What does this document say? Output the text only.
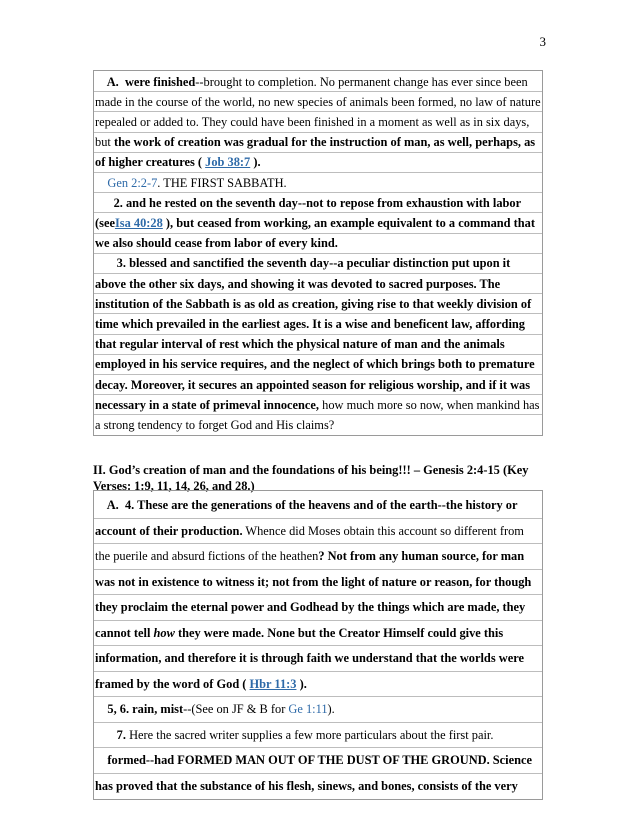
3
A.  were finished--brought to completion. No permanent change has ever since been
made in the course of the world, no new species of animals been formed, no law of nature
repealed or added to. They could have been finished in a moment as well as in six days,
but the work of creation was gradual for the instruction of man, as well, perhaps, as
of higher creatures ( Job 38:7 ).
Gen 2:2-7. THE FIRST SABBATH.
2. and he rested on the seventh day--not to repose from exhaustion with labor
(seeIsa 40:28 ), but ceased from working, an example equivalent to a command that
we also should cease from labor of every kind.
3. blessed and sanctified the seventh day--a peculiar distinction put upon it
above the other six days, and showing it was devoted to sacred purposes. The
institution of the Sabbath is as old as creation, giving rise to that weekly division of
time which prevailed in the earliest ages. It is a wise and beneficent law, affording
that regular interval of rest which the physical nature of man and the animals
employed in his service requires, and the neglect of which brings both to premature
decay. Moreover, it secures an appointed season for religious worship, and if it was
necessary in a state of primeval innocence, how much more so now, when mankind has
a strong tendency to forget God and His claims?
II. God’s creation of man and the foundations of his being!!! – Genesis 2:4-15 (Key
Verses: 1:9, 11, 14, 26, and 28.)
A.  4. These are the generations of the heavens and of the earth--the history or
account of their production. Whence did Moses obtain this account so different from
the puerile and absurd fictions of the heathen? Not from any human source, for man
was not in existence to witness it; not from the light of nature or reason, for though
they proclaim the eternal power and Godhead by the things which are made, they
cannot tell how they were made. None but the Creator Himself could give this
information, and therefore it is through faith we understand that the worlds were
framed by the word of God ( Hbr 11:3 ).
5, 6. rain, mist--(See on JF & B for Ge 1:11).
7. Here the sacred writer supplies a few more particulars about the first pair.
formed--had FORMED MAN OUT OF THE DUST OF THE GROUND. Science
has proved that the substance of his flesh, sinews, and bones, consists of the very
